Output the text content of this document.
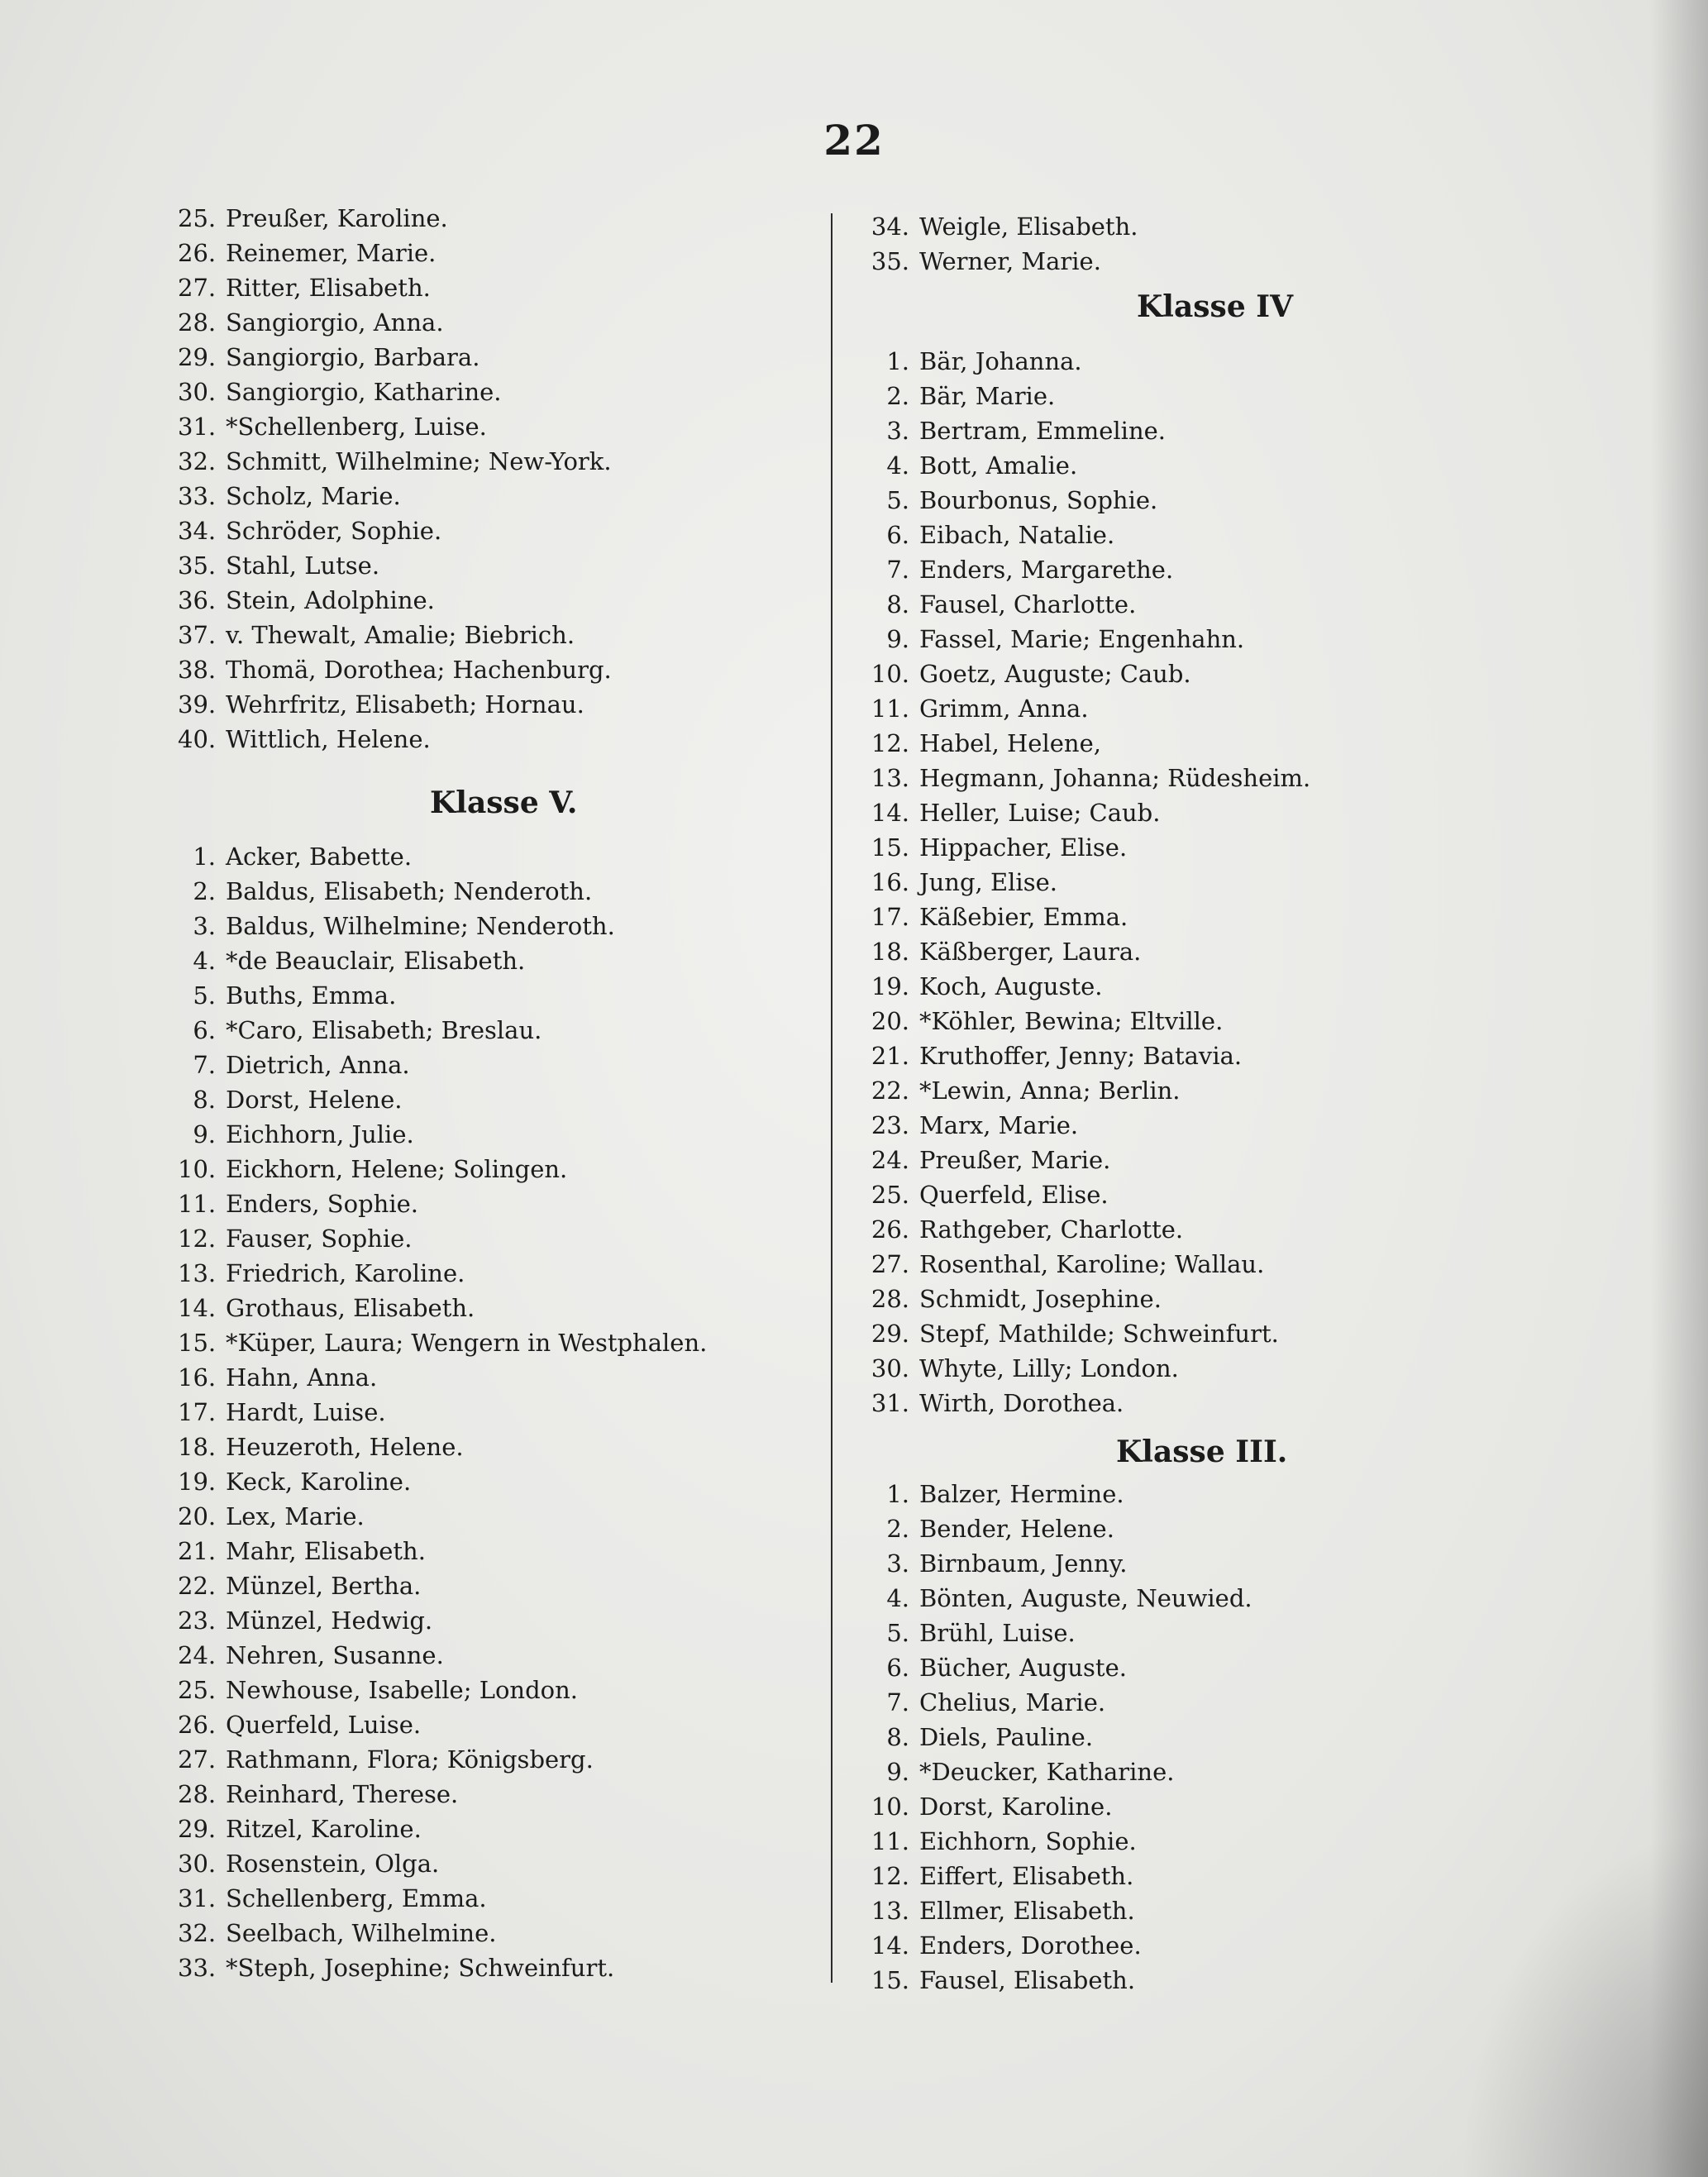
22
25. Preußer, Karoline.
26. Reinemer, Marie.
27. Ritter, Elisabeth.
28. Sangiorgio, Anna.
29. Sangiorgio, Barbara.
30. Sangiorgio, Katharine.
31. *Schellenberg, Luise.
32. Schmitt, Wilhelmine; New-York.
33. Scholz, Marie.
34. Schröder, Sophie.
35. Stahl, Lutse.
36. Stein, Adolphine.
37. v. Thewalt, Amalie; Biebrich.
38. Thomä, Dorothea; Hachenburg.
39. Wehrfritz, Elisabeth; Hornau.
40. Wittlich, Helene.
Klasse V.
1. Acker, Babette.
2. Baldus, Elisabeth; Nenderoth.
3. Baldus, Wilhelmine; Nenderoth.
4. *de Beauclair, Elisabeth.
5. Buths, Emma.
6. *Caro, Elisabeth; Breslau.
7. Dietrich, Anna.
8. Dorst, Helene.
9. Eichhorn, Julie.
10. Eickhorn, Helene; Solingen.
11. Enders, Sophie.
12. Fauser, Sophie.
13. Friedrich, Karoline.
14. Grothaus, Elisabeth.
15. *Küper, Laura; Wengern in Westphalen.
16. Hahn, Anna.
17. Hardt, Luise.
18. Heuzeroth, Helene.
19. Keck, Karoline.
20. Lex, Marie.
21. Mahr, Elisabeth.
22. Münzel, Bertha.
23. Münzel, Hedwig.
24. Nehren, Susanne.
25. Newhouse, Isabelle; London.
26. Querfeld, Luise.
27. Rathmann, Flora; Königsberg.
28. Reinhard, Therese.
29. Ritzel, Karoline.
30. Rosenstein, Olga.
31. Schellenberg, Emma.
32. Seelbach, Wilhelmine.
33. *Steph, Josephine; Schweinfurt.
34. Weigle, Elisabeth.
35. Werner, Marie.
Klasse IV
1. Bär, Johanna.
2. Bär, Marie.
3. Bertram, Emmeline.
4. Bott, Amalie.
5. Bourbonus, Sophie.
6. Eibach, Natalie.
7. Enders, Margarethe.
8. Fausel, Charlotte.
9. Fassel, Marie; Engenhahn.
10. Goetz, Auguste; Caub.
11. Grimm, Anna.
12. Habel, Helene,
13. Hegmann, Johanna; Rüdesheim.
14. Heller, Luise; Caub.
15. Hippacher, Elise.
16. Jung, Elise.
17. Käßebier, Emma.
18. Käßberger, Laura.
19. Koch, Auguste.
20. *Köhler, Bewina; Eltville.
21. Kruthoffer, Jenny; Batavia.
22. *Lewin, Anna; Berlin.
23. Marx, Marie.
24. Preußer, Marie.
25. Querfeld, Elise.
26. Rathgeber, Charlotte.
27. Rosenthal, Karoline; Wallau.
28. Schmidt, Josephine.
29. Stepf, Mathilde; Schweinfurt.
30. Whyte, Lilly; London.
31. Wirth, Dorothea.
Klasse III.
1. Balzer, Hermine.
2. Bender, Helene.
3. Birnbaum, Jenny.
4. Bönten, Auguste, Neuwied.
5. Brühl, Luise.
6. Bücher, Auguste.
7. Chelius, Marie.
8. Diels, Pauline.
9. *Deucker, Katharine.
10. Dorst, Karoline.
11. Eichhorn, Sophie.
12. Eiffert, Elisabeth.
13. Ellmer, Elisabeth.
14. Enders, Dorothee.
15. Fausel, Elisabeth.
